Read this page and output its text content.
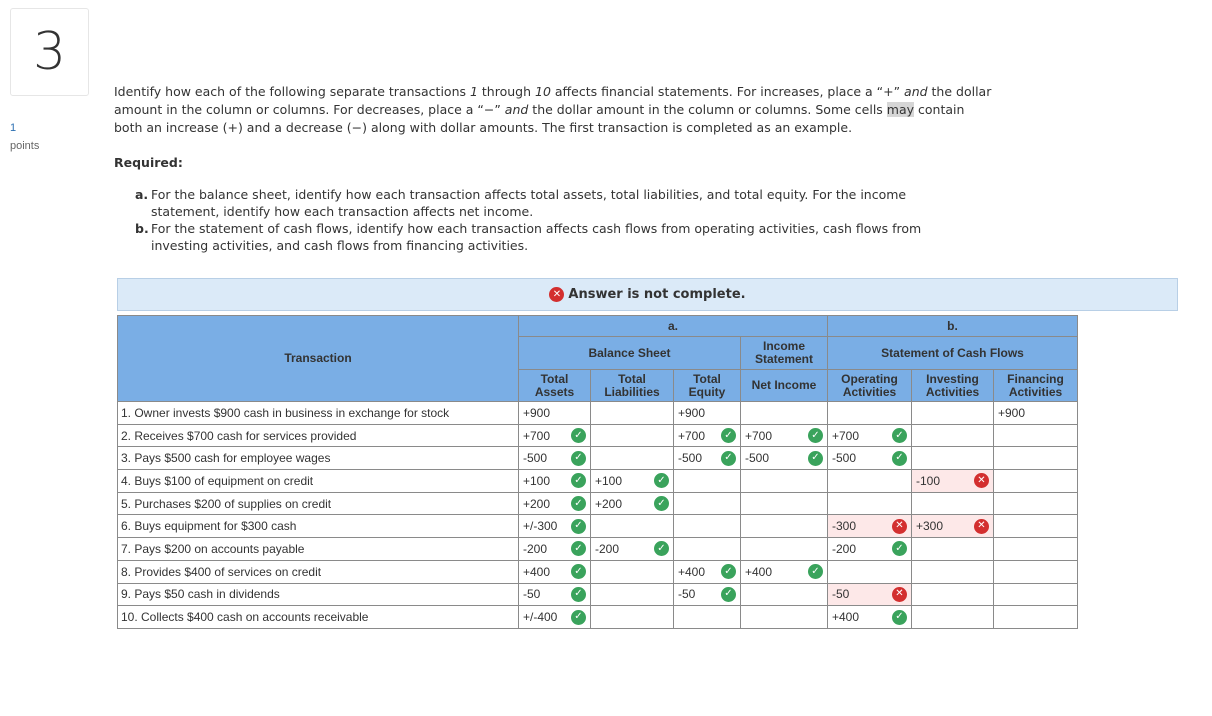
3
1
points
Identify how each of the following separate transactions 1 through 10 affects financial statements. For increases, place a “+” and the dollar amount in the column or columns. For decreases, place a “−” and the dollar amount in the column or columns. Some cells may contain both an increase (+) and a decrease (−) along with dollar amounts. The first transaction is completed as an example.
Required:
a. For the balance sheet, identify how each transaction affects total assets, total liabilities, and total equity. For the income statement, identify how each transaction affects net income.
b. For the statement of cash flows, identify how each transaction affects cash flows from operating activities, cash flows from investing activities, and cash flows from financing activities.
✕ Answer is not complete.
Transaction	a.				b.		
	Balance Sheet			Income Statement	Statement of Cash Flows		
	Total Assets	Total Liabilities	Total Equity	Net Income	Operating Activities	Investing Activities	Financing Activities
1. Owner invests $900 cash in business in exchange for stock	+900		+900				+900

2. Receives $700 cash for services provided	+700 ✓		+700 ✓	+700 ✓	+700 ✓		

3. Pays $500 cash for employee wages	-500 ✓		-500 ✓	-500 ✓	-500 ✓		

4. Buys $100 of equipment on credit	+100 ✓	+100 ✓				-100 ✕	

5. Purchases $200 of supplies on credit	+200 ✓	+200 ✓					

6. Buys equipment for $300 cash	+/-300 ✓				-300 ✕	+300 ✕	

7. Pays $200 on accounts payable	-200 ✓	-200 ✓			-200 ✓		

8. Provides $400 of services on credit	+400 ✓		+400 ✓	+400 ✓			

9. Pays $50 cash in dividends	-50 ✓		-50 ✓		-50 ✕		

10. Collects $400 cash on accounts receivable	+/-400 ✓				+400 ✓		
